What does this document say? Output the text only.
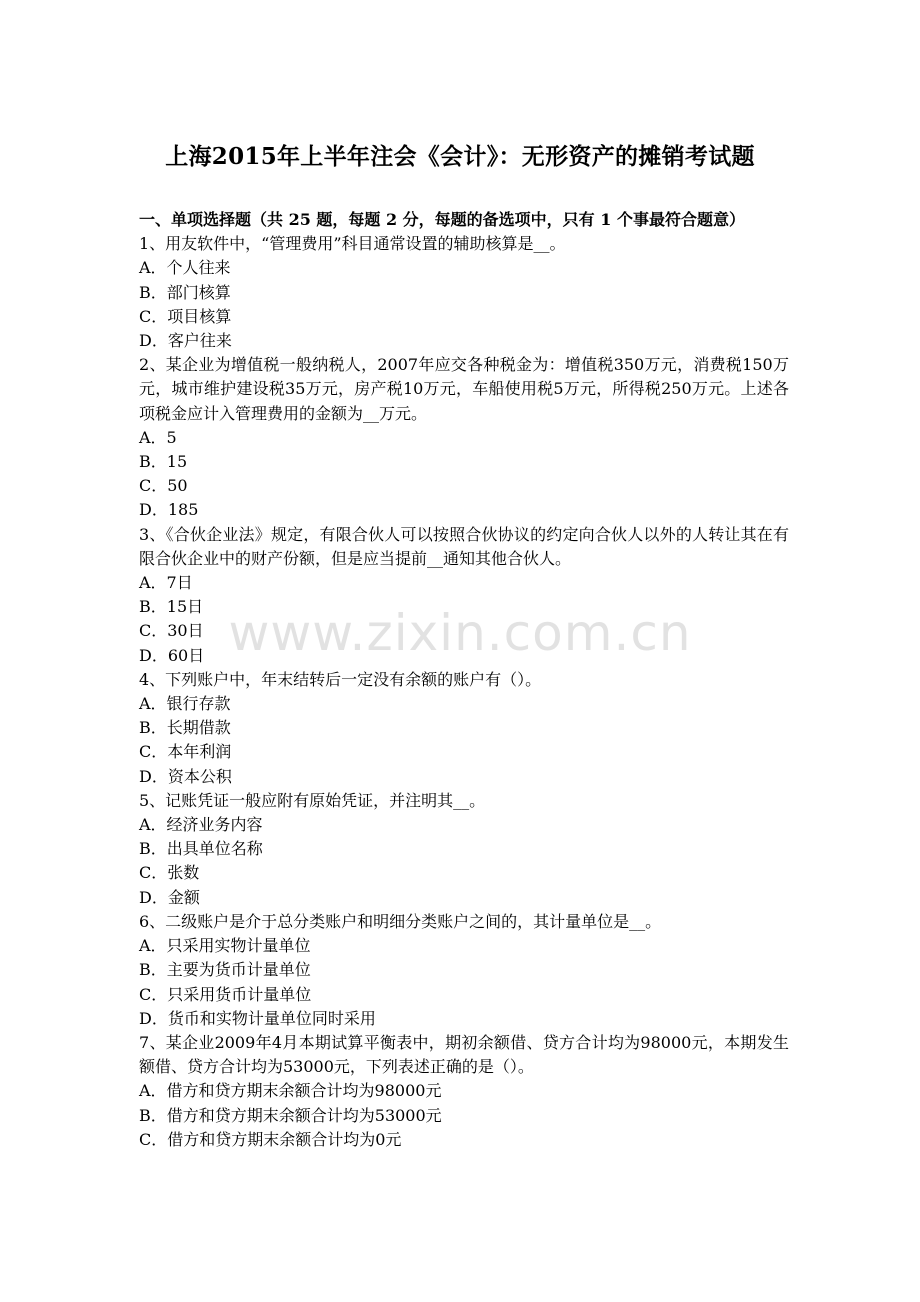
上海2015年上半年注会《会计》：无形资产的摊销考试题
www.zixin.com.cn
一、单项选择题（共 25 题，每题 2 分，每题的备选项中，只有 1 个事最符合题意）
1、用友软件中，“管理费用”科目通常设置的辅助核算是__。
A．个人往来
B．部门核算
C．项目核算
D．客户往来
2、某企业为增值税一般纳税人，2007年应交各种税金为：增值税350万元，消费税150万元，城市维护建设税35万元，房产税10万元，车船使用税5万元，所得税250万元。上述各项税金应计入管理费用的金额为__万元。
A．5
B．15
C．50
D．185
3、《合伙企业法》规定，有限合伙人可以按照合伙协议的约定向合伙人以外的人转让其在有限合伙企业中的财产份额，但是应当提前__通知其他合伙人。
A．7日
B．15日
C．30日
D．60日
4、下列账户中，年末结转后一定没有余额的账户有（）。
A．银行存款
B．长期借款
C．本年利润
D．资本公积
5、记账凭证一般应附有原始凭证，并注明其__。
A．经济业务内容
B．出具单位名称
C．张数
D．金额
6、二级账户是介于总分类账户和明细分类账户之间的，其计量单位是__。
A．只采用实物计量单位
B．主要为货币计量单位
C．只采用货币计量单位
D．货币和实物计量单位同时采用
7、某企业2009年4月本期试算平衡表中，期初余额借、贷方合计均为98000元，本期发生额借、贷方合计均为53000元，下列表述正确的是（）。
A．借方和贷方期末余额合计均为98000元
B．借方和贷方期末余额合计均为53000元
C．借方和贷方期末余额合计均为0元
